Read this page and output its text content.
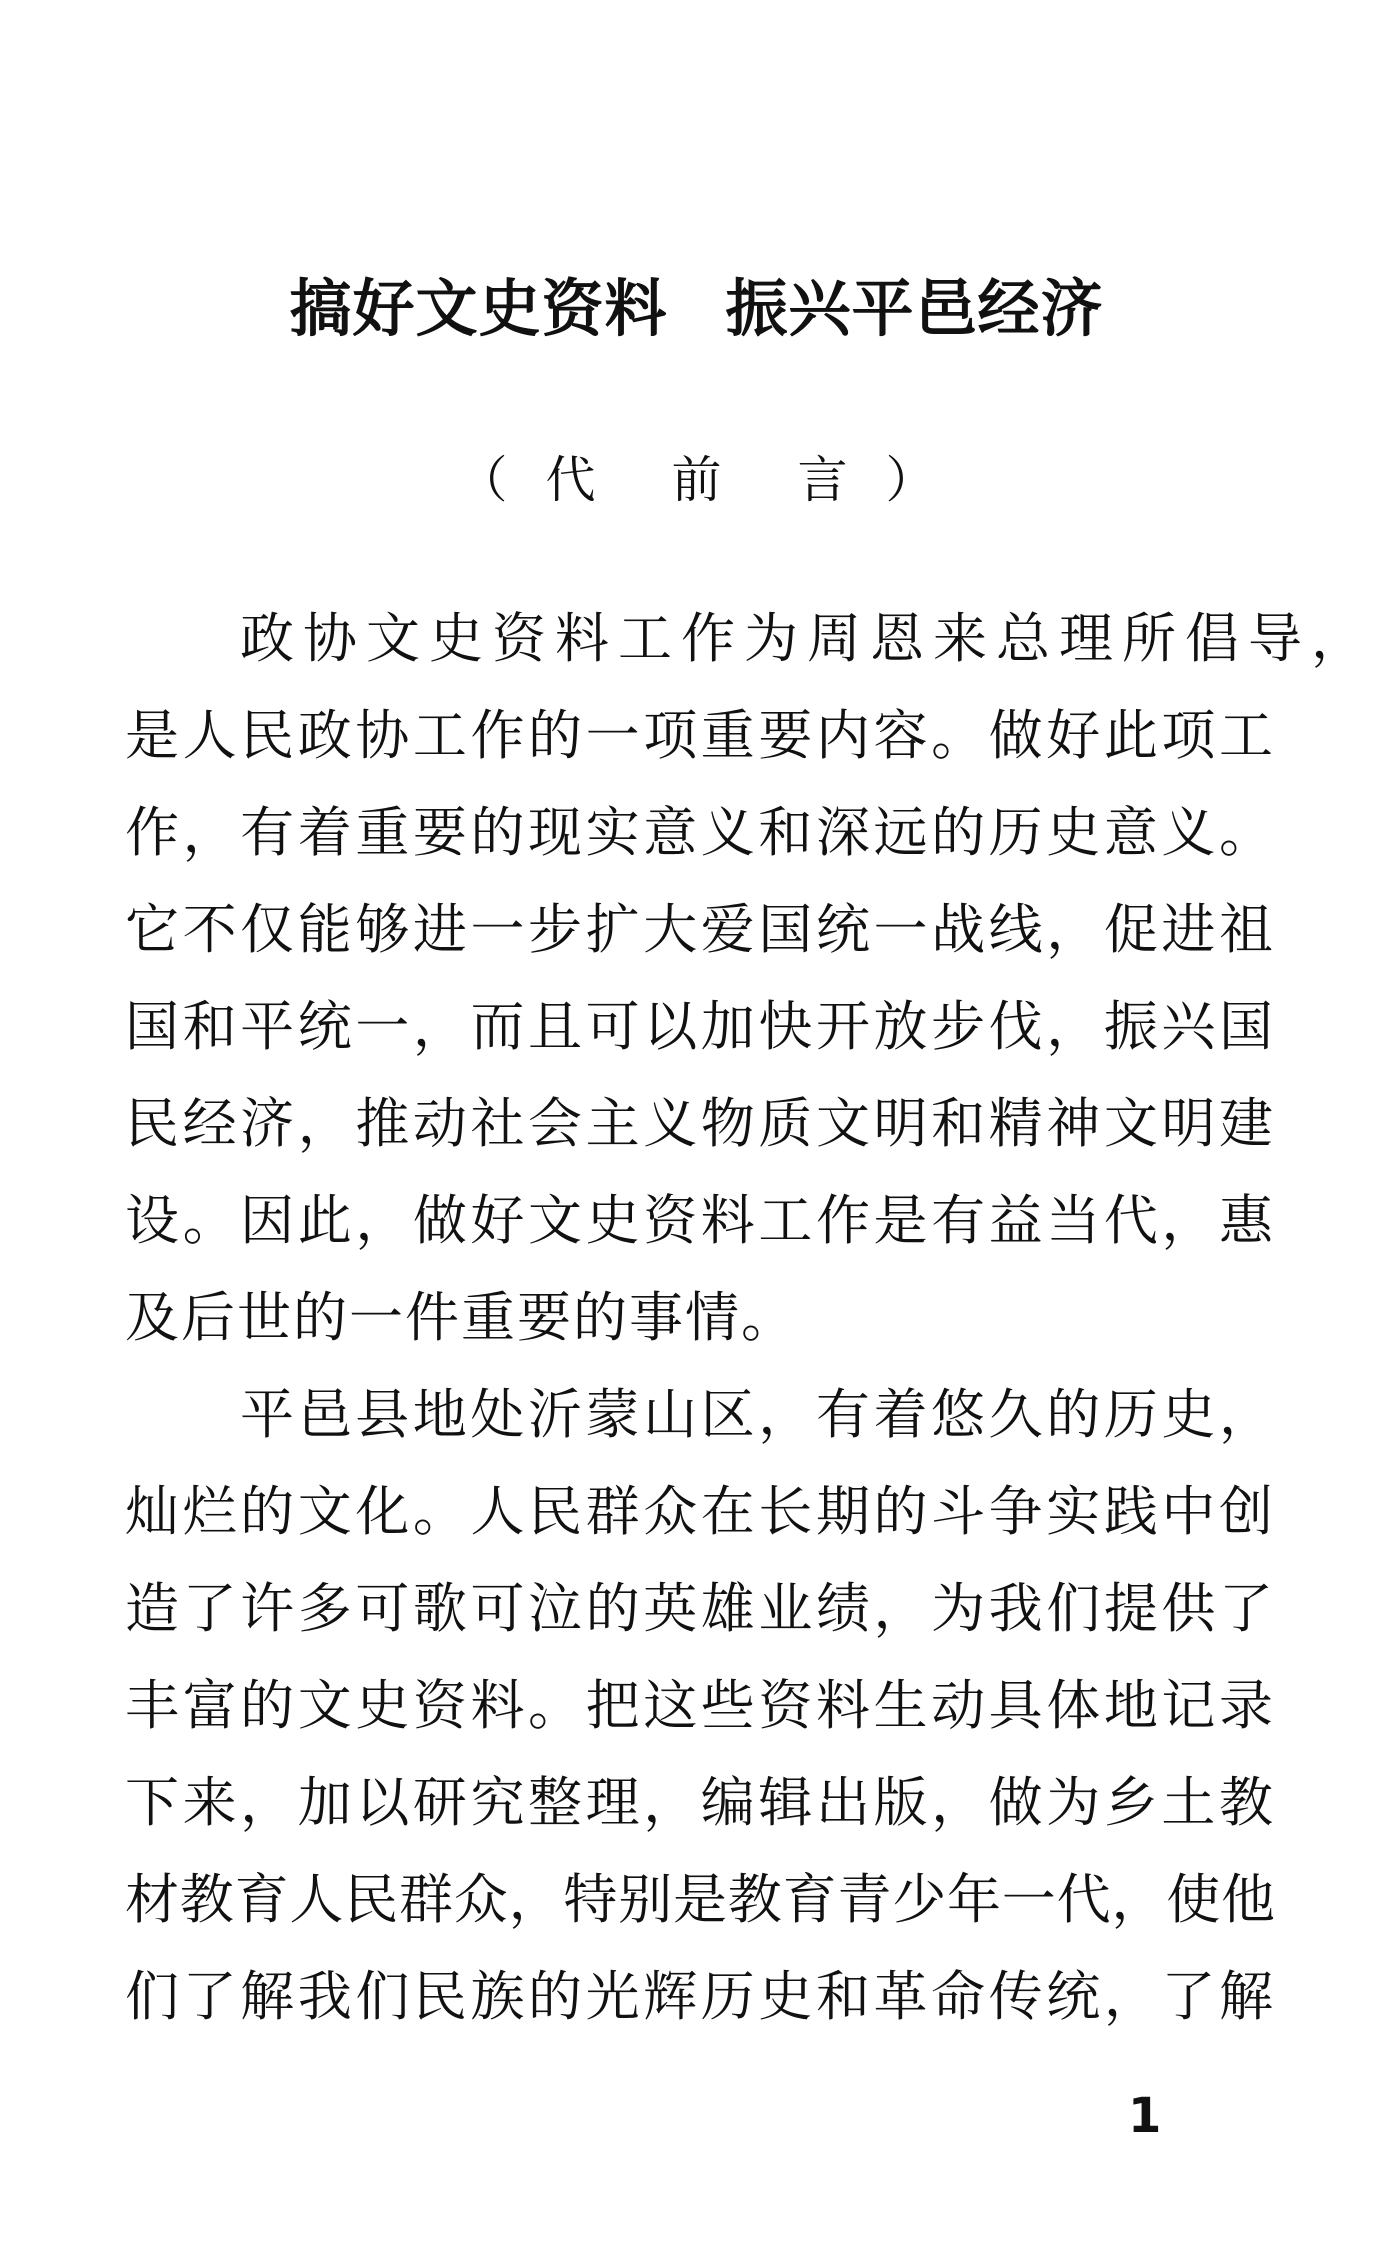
搞好文史资料 振兴平邑经济
（ 代 前 言 ）
政协文史资料工作为周恩来总理所倡导，
是人民政协工作的一项重要内容。做好此项工
作，有着重要的现实意义和深远的历史意义。
它不仅能够进一步扩大爱国统一战线，促进祖
国和平统一，而且可以加快开放步伐，振兴国
民经济，推动社会主义物质文明和精神文明建
设。因此，做好文史资料工作是有益当代，惠
及后世的一件重要的事情。
平邑县地处沂蒙山区，有着悠久的历史，
灿烂的文化。人民群众在长期的斗争实践中创
造了许多可歌可泣的英雄业绩，为我们提供了
丰富的文史资料。把这些资料生动具体地记录
下来，加以研究整理，编辑出版，做为乡土教
材教育人民群众，特别是教育青少年一代，使他
们了解我们民族的光辉历史和革命传统，了解
1
